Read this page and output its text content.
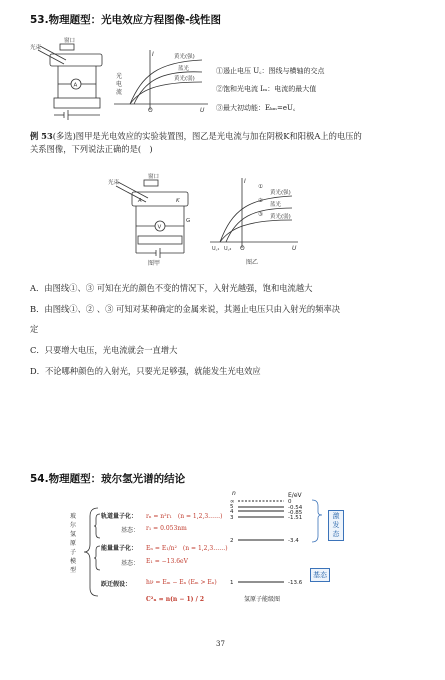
53.物理题型：光电效应方程图像-线性图
窗口
光束
A
光
电
流
I
U
O
黄光(强)
蓝光
黄光(弱)
①遏止电压 U꜀：图线与横轴的交点
②饱和光电流 Iₘ：电流的最大值
③最大初动能：Eₖₘ=eU꜀
例 53(多选)图甲是光电效应的实验装置图，图乙是光电流与加在阴极K和阳极A上的电压的
关系图像，下列说法正确的是(　)
窗口
光束
A	K
V
G
图甲
I
U
O
U꜀₁ U꜀₂
①
②
③
黄光(强)
蓝光
黄光(弱)
图乙
A．由图线①、③ 可知在光的颜色不变的情况下，入射光越强，饱和电流越大
B．由图线①、② 、③ 可知对某种确定的金属来说，其遏止电压只由入射光的频率决
定
C．只要增大电压，光电流就会一直增大
D．不论哪种颜色的入射光，只要光足够强，就能发生光电效应
54.物理题型：玻尔氢光谱的结论
玻
尔
氢
原
子
模
型
轨道量子化： rₙ = n²r₁　(n = 1,2,3……)
基态： r₁ = 0.053nm
能量量子化： Eₙ = E₁/n²　(n = 1,2,3……)
基态： E₁ = −13.6eV
跃迁假设： hν = Eₘ − Eₙ (Eₘ > Eₙ)
C²ₙ = n(n − 1) / 2
n	E/eV
∞
5
4
3
2
1
0
-0.54
-0.85
-1.51
-3.4
-13.6
激发态
基态
氢原子能级图
37
